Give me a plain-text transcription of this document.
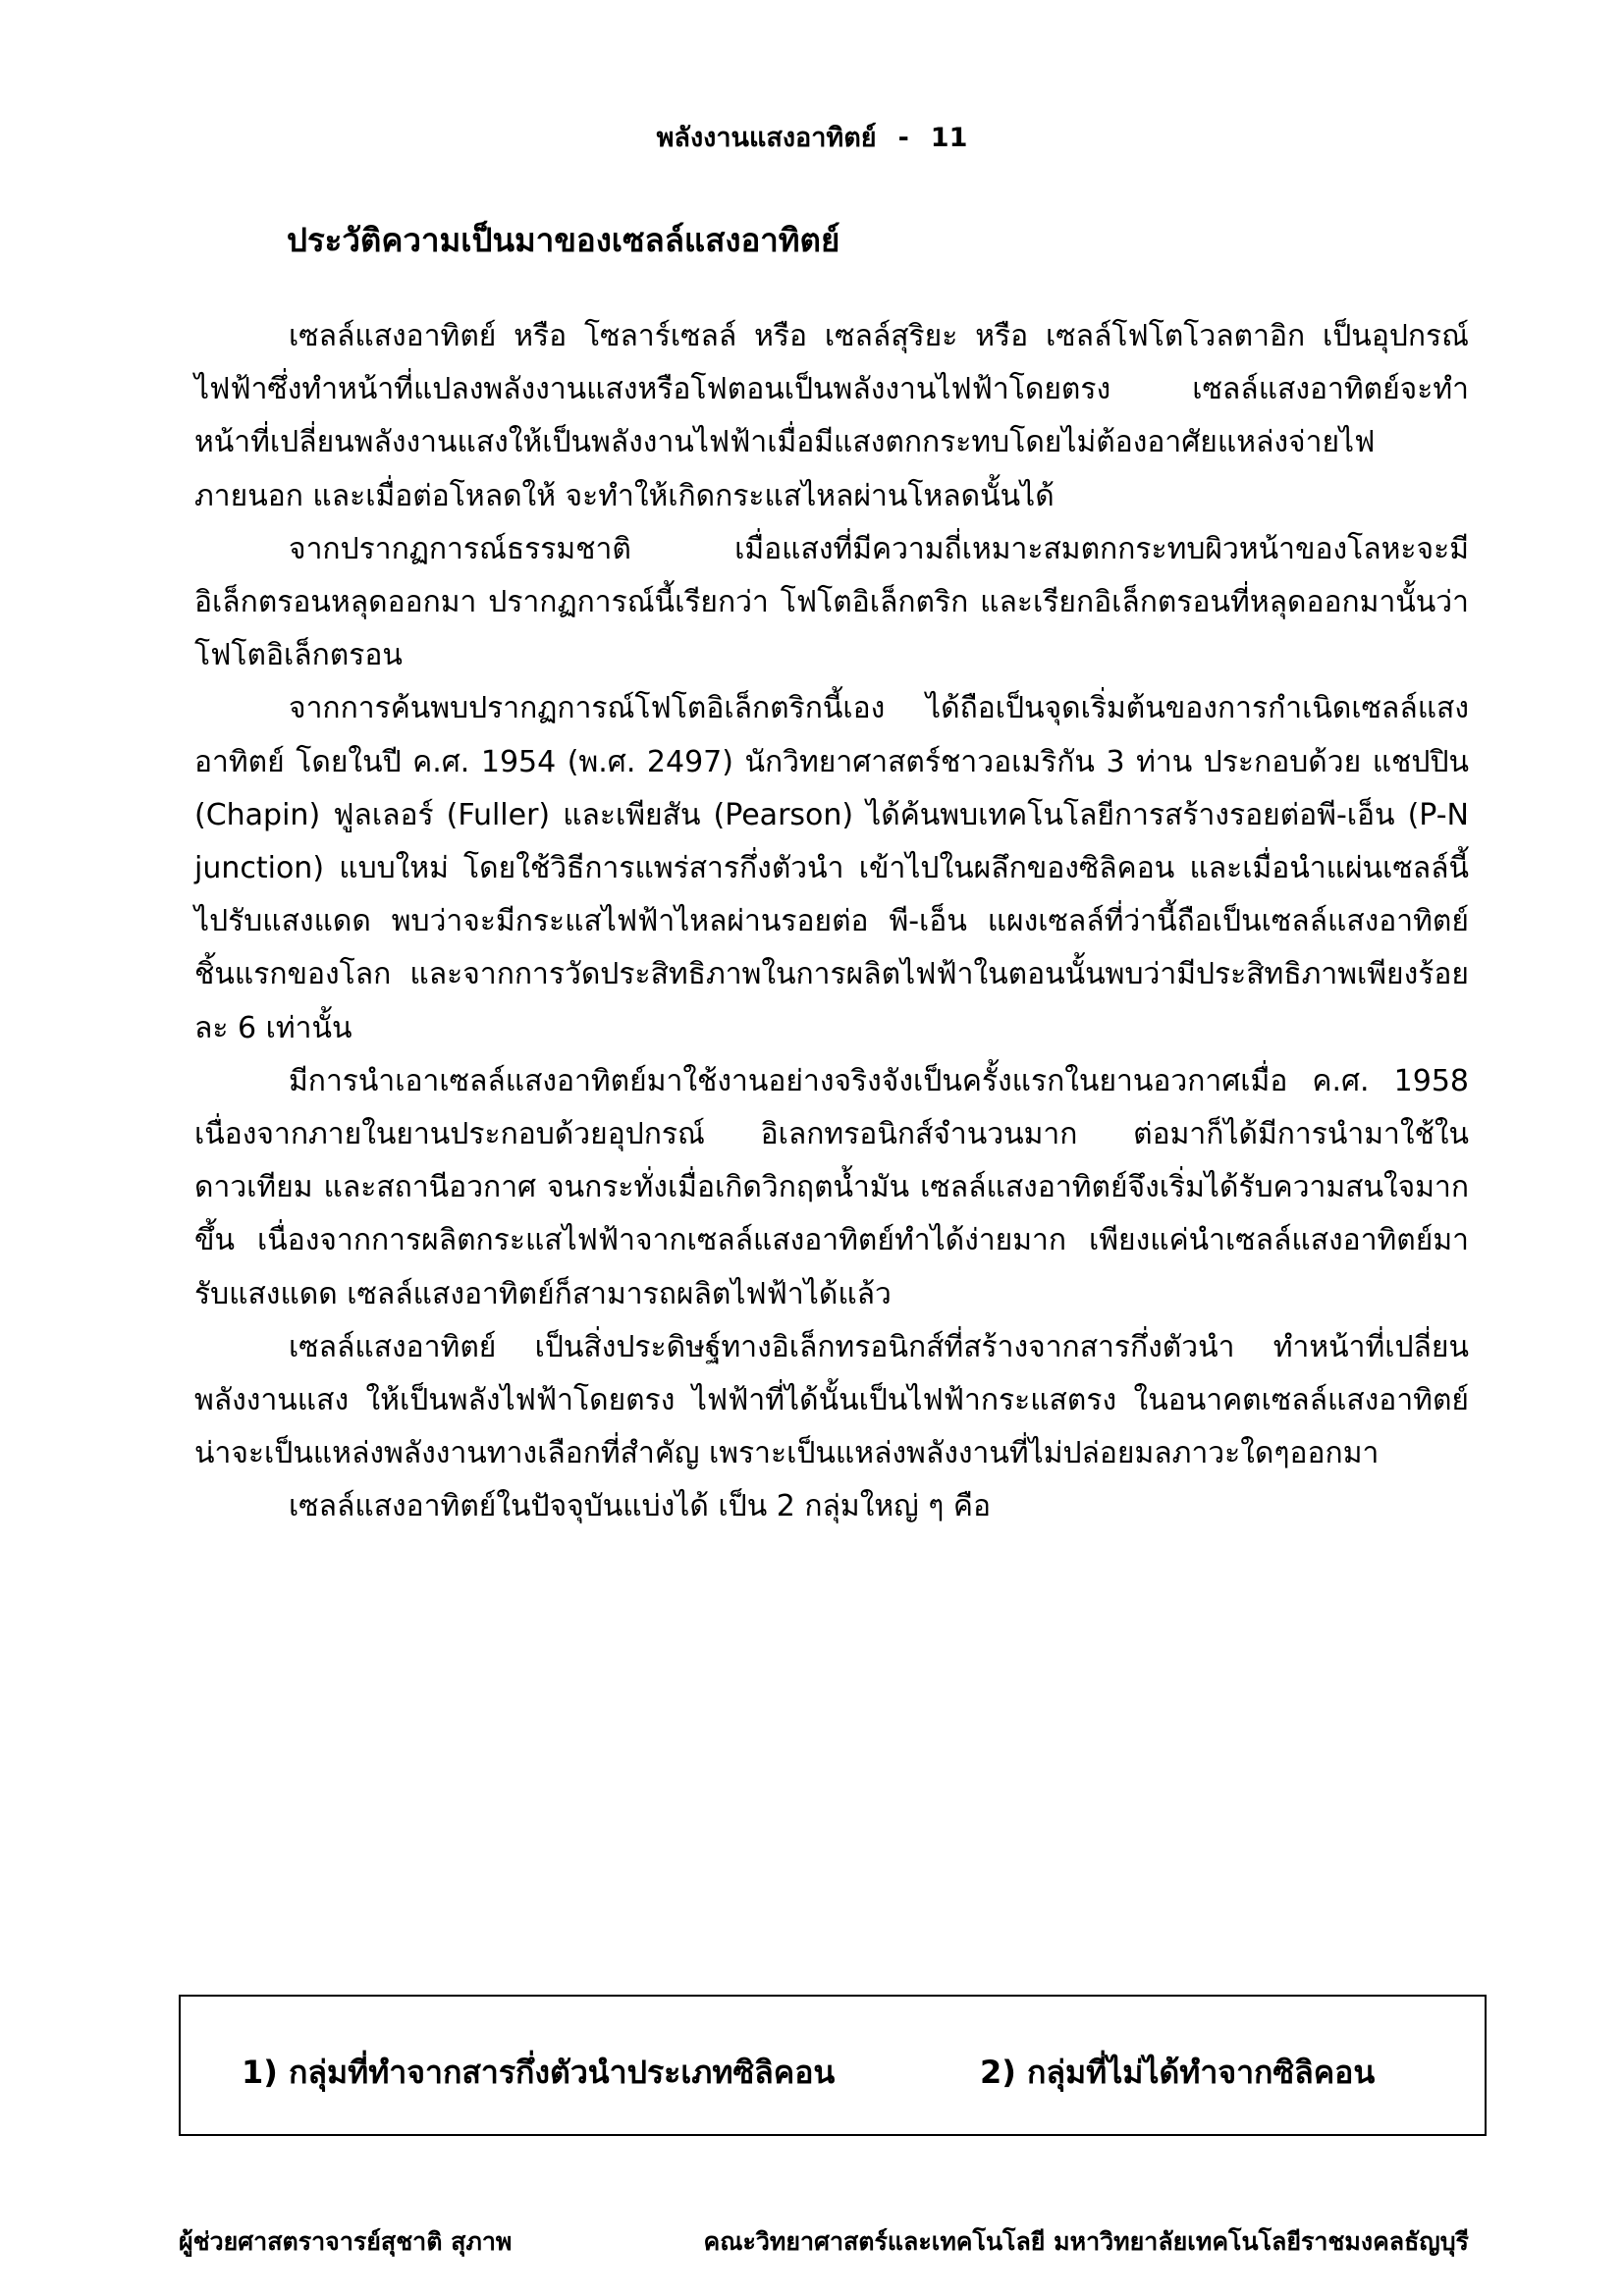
พลังงานแสงอาทิตย์ - 11
ประวัติความเป็นมาของเซลล์แสงอาทิตย์

เซลล์แสงอาทิตย์ หรือ โซลาร์เซลล์ หรือ เซลล์สุริยะ หรือ เซลล์โฟโตโวลตาอิก เป็นอุปกรณ์ไฟฟ้าซึ่งทำหน้าที่แปลงพลังงานแสงหรือโฟตอนเป็นพลังงานไฟฟ้าโดยตรง เซลล์แสงอาทิตย์จะทำหน้าที่เปลี่ยนพลังงานแสงให้เป็นพลังงานไฟฟ้าเมื่อมีแสงตกกระทบโดยไม่ต้องอาศัยแหล่งจ่ายไฟภายนอก และเมื่อต่อโหลดให้ จะทำให้เกิดกระแสไหลผ่านโหลดนั้นได้

จากปรากฏการณ์ธรรมชาติ เมื่อแสงที่มีความถี่เหมาะสมตกกระทบผิวหน้าของโลหะจะมีอิเล็กตรอนหลุดออกมา ปรากฏการณ์นี้เรียกว่า โฟโตอิเล็กตริก และเรียกอิเล็กตรอนที่หลุดออกมานั้นว่า โฟโตอิเล็กตรอน

จากการค้นพบปรากฏการณ์โฟโตอิเล็กตริกนี้เอง ได้ถือเป็นจุดเริ่มต้นของการกำเนิดเซลล์แสงอาทิตย์ โดยในปี ค.ศ. 1954 (พ.ศ. 2497) นักวิทยาศาสตร์ชาวอเมริกัน 3 ท่าน ประกอบด้วย แชปปิน (Chapin) ฟูลเลอร์ (Fuller) และเพียสัน (Pearson) ได้ค้นพบเทคโนโลยีการสร้างรอยต่อพี-เอ็น (P-N junction) แบบใหม่ โดยใช้วิธีการแพร่สารกึ่งตัวนำ เข้าไปในผลึกของซิลิคอน และเมื่อนำแผ่นเซลล์นี้ไปรับแสงแดด พบว่าจะมีกระแสไฟฟ้าไหลผ่านรอยต่อ พี-เอ็น แผงเซลล์ที่ว่านี้ถือเป็นเซลล์แสงอาทิตย์ชิ้นแรกของโลก และจากการวัดประสิทธิภาพในการผลิตไฟฟ้าในตอนนั้นพบว่ามีประสิทธิภาพเพียงร้อยละ 6 เท่านั้น

มีการนำเอาเซลล์แสงอาทิตย์มาใช้งานอย่างจริงจังเป็นครั้งแรกในยานอวกาศเมื่อ ค.ศ. 1958 เนื่องจากภายในยานประกอบด้วยอุปกรณ์ อิเลกทรอนิกส์จำนวนมาก ต่อมาก็ได้มีการนำมาใช้ในดาวเทียม และสถานีอวกาศ จนกระทั่งเมื่อเกิดวิกฤตน้ำมัน เซลล์แสงอาทิตย์จึงเริ่มได้รับความสนใจมากขึ้น เนื่องจากการผลิตกระแสไฟฟ้าจากเซลล์แสงอาทิตย์ทำได้ง่ายมาก เพียงแค่นำเซลล์แสงอาทิตย์มารับแสงแดด เซลล์แสงอาทิตย์ก็สามารถผลิตไฟฟ้าได้แล้ว

เซลล์แสงอาทิตย์ เป็นสิ่งประดิษฐ์ทางอิเล็กทรอนิกส์ที่สร้างจากสารกึ่งตัวนำ ทำหน้าที่เปลี่ยนพลังงานแสง ให้เป็นพลังไฟฟ้าโดยตรง ไฟฟ้าที่ได้นั้นเป็นไฟฟ้ากระแสตรง ในอนาคตเซลล์แสงอาทิตย์น่าจะเป็นแหล่งพลังงานทางเลือกที่สำคัญ เพราะเป็นแหล่งพลังงานที่ไม่ปล่อยมลภาวะใดๆออกมา

เซลล์แสงอาทิตย์ในปัจจุบันแบ่งได้ เป็น 2 กลุ่มใหญ่ ๆ คือ

1) กลุ่มที่ทำจากสารกึ่งตัวนำประเภทซิลิคอน	2) กลุ่มที่ไม่ได้ทำจากซิลิคอน
ผู้ช่วยศาสตราจารย์สุชาติ สุภาพ	คณะวิทยาศาสตร์และเทคโนโลยี มหาวิทยาลัยเทคโนโลยีราชมงคลธัญบุรี
